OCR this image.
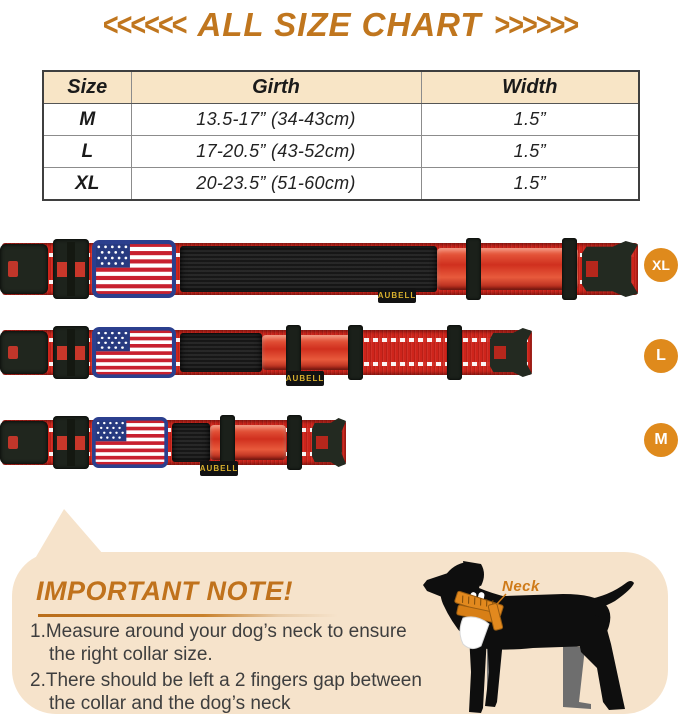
<<<<<< ALL SIZE CHART >>>>>>
Size	Girth	Width
M	13.5-17” (34-43cm)	1.5”
L	17-20.5” (43-52cm)	1.5”
XL	20-23.5” (51-60cm)	1.5”
AUBELL
XL
AUBELL
L
AUBELL
M
IMPORTANT NOTE!
1.Measure around your dog’s neck to ensure
the right collar size.
2.There should be left a 2 fingers gap between
the collar and the dog’s neck
Neck
